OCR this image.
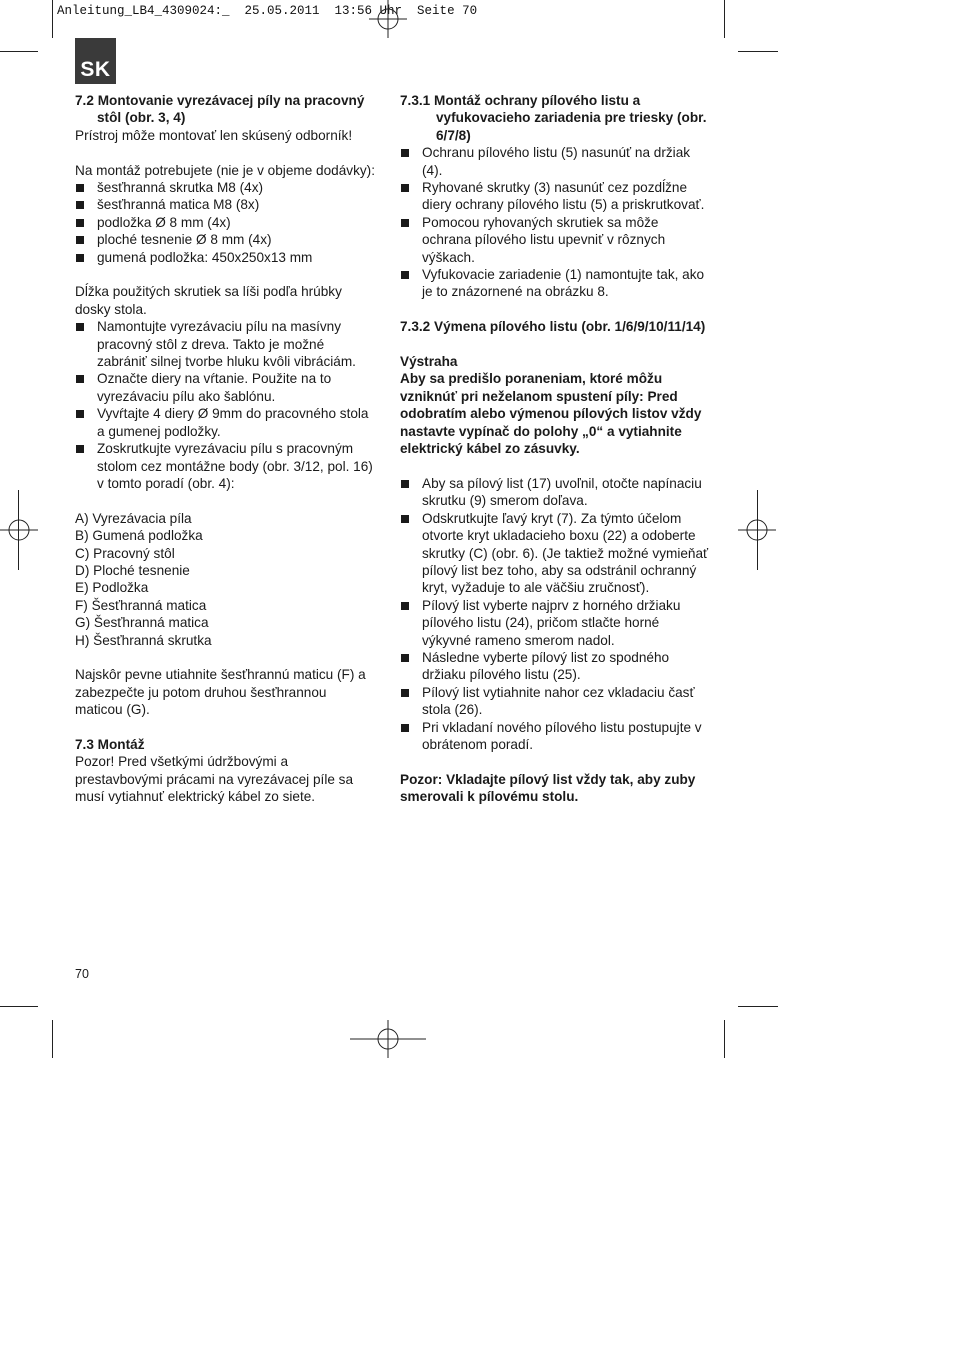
Anleitung_LB4_4309024:_  25.05.2011  13:56 Uhr  Seite 70
SK
7.2 Montovanie vyrezávacej píly na pracovný stôl (obr. 3, 4)
Prístroj môže montovať len skúsený odborník!
Na montáž potrebujete (nie je v objeme dodávky):
šesťhranná skrutka M8 (4x)
šesťhranná matica M8 (8x)
podložka Ø 8 mm (4x)
ploché tesnenie Ø 8 mm (4x)
gumená podložka: 450x250x13 mm
Dĺžka použitých skrutiek sa líši podľa hrúbky dosky stola.
Namontujte vyrezávaciu pílu na masívny pracovný stôl z dreva. Takto je možné zabrániť silnej tvorbe hluku kvôli vibráciám.
Označte diery na vŕtanie. Použite na to vyrezávaciu pílu ako šablónu.
Vyvŕtajte 4 diery Ø 9mm do pracovného stola a gumenej podložky.
Zoskrutkujte vyrezávaciu pílu s pracovným stolom cez montážne body (obr. 3/12, pol. 16) v tomto poradí (obr. 4):
A) Vyrezávacia píla
B) Gumená podložka
C) Pracovný stôl
D) Ploché tesnenie
E) Podložka
F) Šesťhranná matica
G) Šesťhranná matica
H) Šesťhranná skrutka
Najskôr pevne utiahnite šesťhrannú maticu (F) a zabezpečte ju potom druhou šesťhrannou maticou (G).
7.3 Montáž
Pozor! Pred všetkými údržbovými a prestavbovými prácami na vyrezávacej píle sa musí vytiahnuť elektrický kábel zo siete.
7.3.1 Montáž ochrany pílového listu a vyfukovacieho zariadenia pre triesky (obr. 6/7/8)
Ochranu pílového listu (5) nasunúť na držiak (4).
Ryhované skrutky (3) nasunúť cez pozdĺžne diery ochrany pílového listu (5) a priskrutkovať.
Pomocou ryhovaných skrutiek sa môže ochrana pílového listu upevniť v rôznych výškach.
Vyfukovacie zariadenie (1) namontujte tak, ako je to znázornené na obrázku 8.
7.3.2 Výmena pílového listu (obr. 1/6/9/10/11/14)
Výstraha
Aby sa predišlo poraneniam, ktoré môžu vzniknúť pri neželanom spustení píly: Pred odobratím alebo výmenou pílových listov vždy nastavte vypínač do polohy „0“ a vytiahnite elektrický kábel zo zásuvky.
Aby sa pílový list (17) uvoľnil, otočte napínaciu skrutku (9) smerom doľava.
Odskrutkujte ľavý kryt (7). Za týmto účelom otvorte kryt ukladacieho boxu (22) a odoberte skrutky (C) (obr. 6). (Je taktiež možné vymieňať pílový list bez toho, aby sa odstránil ochranný kryt, vyžaduje to ale väčšiu zručnosť).
Pílový list vyberte najprv z horného držiaku pílového listu (24), pričom stlačte horné výkyvné rameno smerom nadol.
Následne vyberte pílový list zo spodného držiaku pílového listu (25).
Pílový list vytiahnite nahor cez vkladaciu časť stola (26).
Pri vkladaní nového pílového listu postupujte v obrátenom poradí.
Pozor: Vkladajte pílový list vždy tak, aby zuby smerovali k pílovému stolu.
70
